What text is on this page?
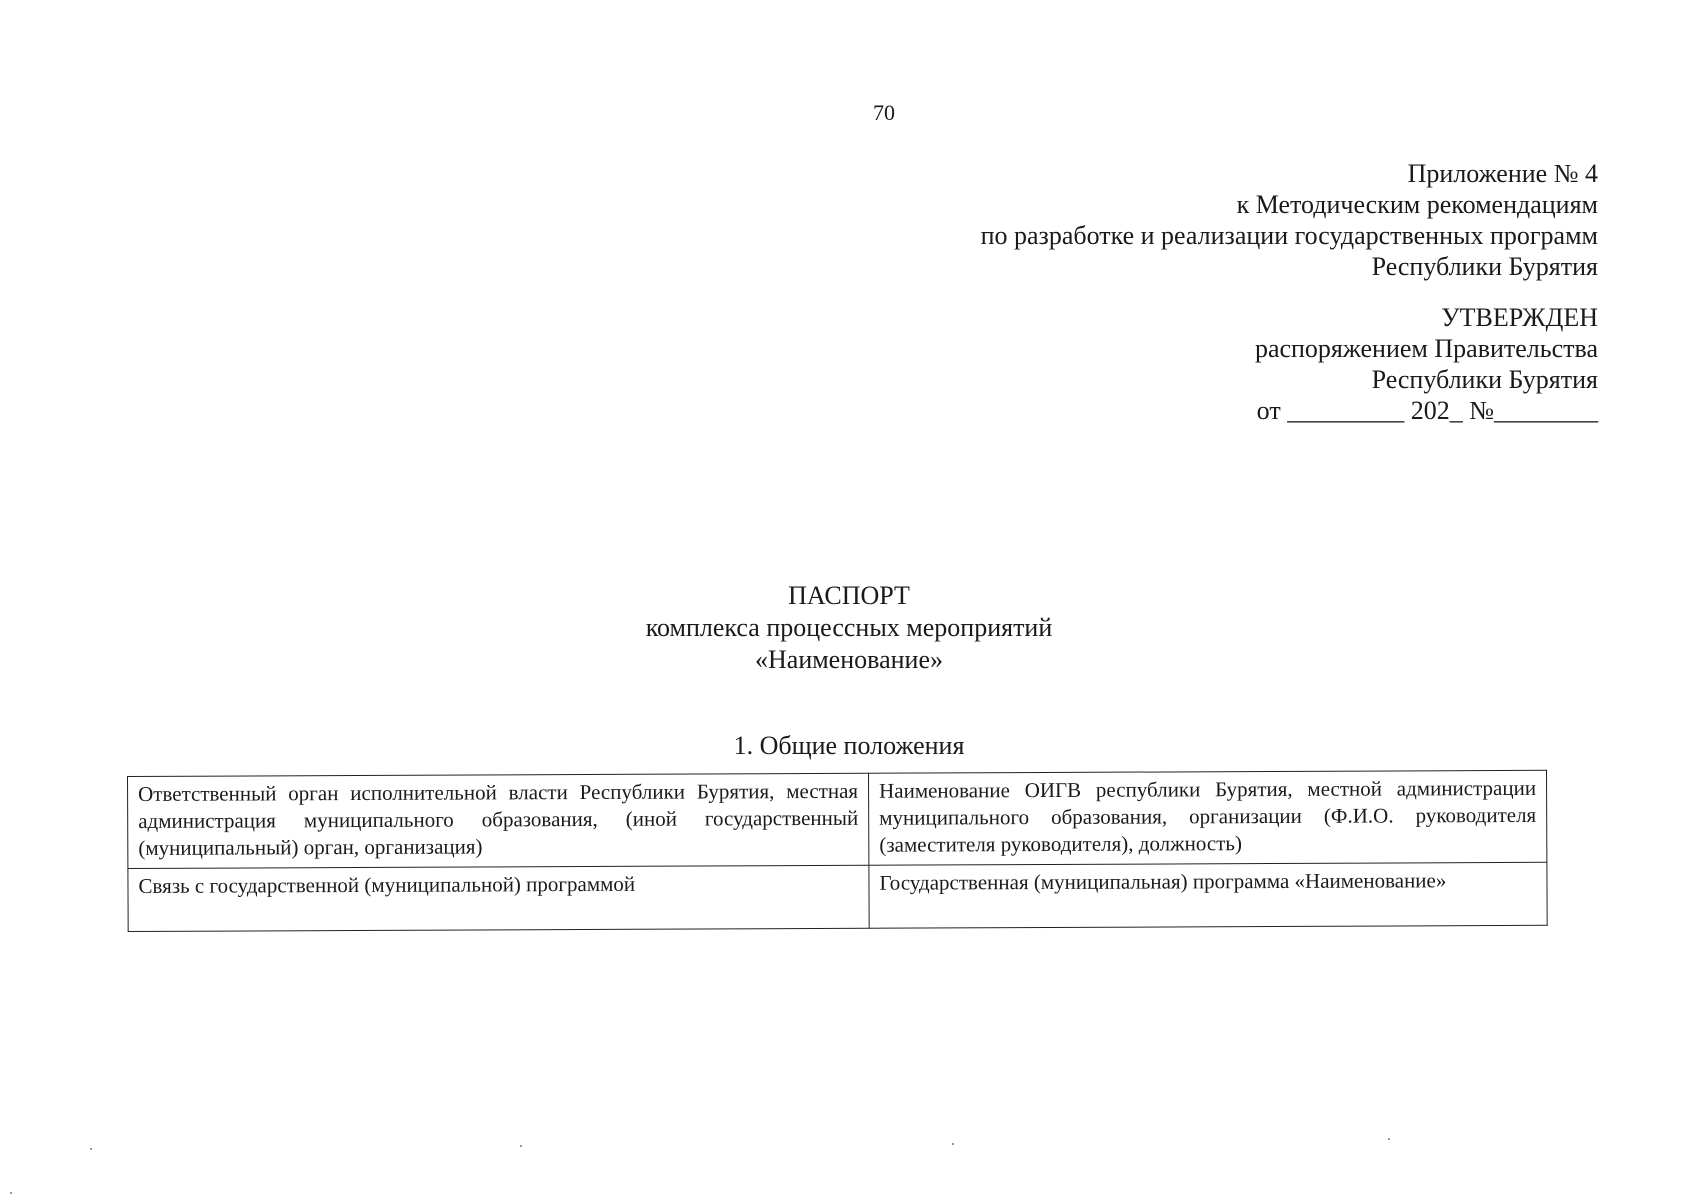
70
Приложение № 4
к Методическим рекомендациям
по разработке и реализации государственных программ
Республики Бурятия
УТВЕРЖДЕН
распоряжением Правительства
Республики Бурятия
от _________ 202_ №________
ПАСПОРТ
комплекса процессных мероприятий
«Наименование»
1. Общие положения
Ответственный орган исполнительной власти Республики Бурятия, местная администрация муниципального образования, (иной государственный (муниципальный) орган, организация)	Наименование ОИГВ республики Бурятия, местной администрации муниципального образования, организации (Ф.И.О. руководителя (заместителя руководителя), должность)
Связь с государственной (муниципальной) программой	Государственная (муниципальная) программа «Наименование»
